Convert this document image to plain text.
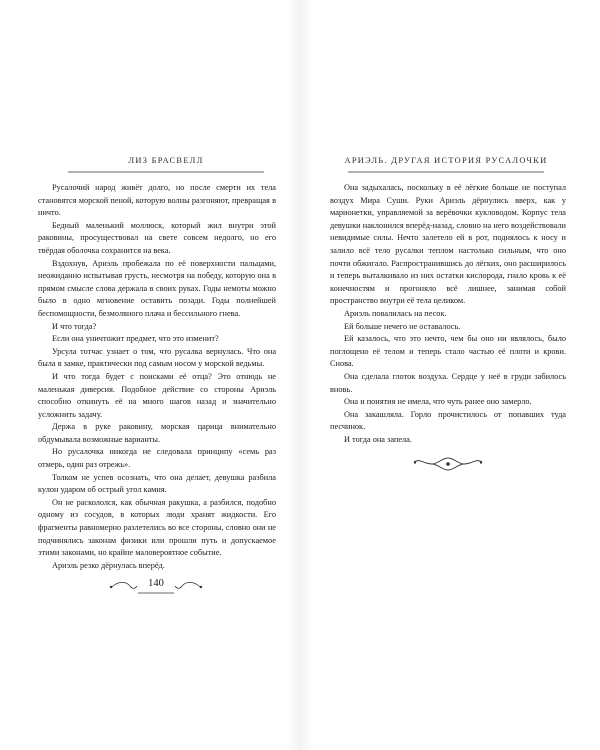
ЛИЗ БРАСВЕЛЛ

Русалочий народ живёт долго, но после смерти их тела становятся морской пеной, которую волны разгоняют, превращая в ничто.

Бедный маленький моллюск, который жил внутри этой раковины, просуществовал на свете совсем недолго, но его твёрдая оболочка сохранится на века.

Вздохнув, Ариэль пробежала по её поверхности пальцами, неожиданно испытывая грусть, несмотря на победу, которую она в прямом смысле слова держала в своих руках. Годы немоты можно было в одно мгновение оставить позади. Годы полнейшей беспомощности, безмолвного плача и бессильного гнева.

И что тогда?

Если она уничтожит предмет, что это изменит?

Урсула тотчас узнает о том, что русалка вернулась. Что она была в замке, практически под самым носом у морской ведьмы.

И что тогда будет с поисками её отца? Это отнюдь не маленькая диверсия. Подобное действие со стороны Ариэль способно откинуть её на много шагов назад и значительно усложнить задачу.

Держа в руке раковину, морская царица внимательно обдумывала возможные варианты.

Но русалочка никогда не следовала принципу «семь раз отмерь, один раз отрежь».

Толком не успев осознать, что она делает, девушка разбила кулон ударом об острый угол камня.

Он не раскололся, как обычная ракушка, а разбился, подобно одному из сосудов, в которых люди хранят жидкости. Его фрагменты равномерно разлетелись во все стороны, словно они не подчинялись законам физики или прошли путь и допускаемое этими законами, но крайне маловероятное событие.

Ариэль резко дёрнулась вперёд.

140
АРИЭЛЬ. ДРУГАЯ ИСТОРИЯ РУСАЛОЧКИ

Она задыхалась, поскольку в её лёгкие больше не поступал воздух Мира Суши. Руки Ариэль дёрнулись вверх, как у марионетки, управляемой за верёвочки кукловодом. Корпус тела девушки наклонился вперёд-назад, словно на него воздействовали невидимые силы. Нечто залетело ей в рот, поднялось к носу и залило всё тело русалки теплом настолько сильным, что оно почти обжигало. Распространившись до лёгких, оно расширилось и теперь выталкивало из них остатки кислорода, гнало кровь к её конечностям и прогоняло всё лишнее, занимая собой пространство внутри её тела целиком.

Ариэль повалилась на песок.

Ей больше нечего не оставалось.

Ей казалось, что это нечто, чем бы оно ни являлось, было поглощено её телом и теперь стало частью её плоти и крови. Снова.

Она сделала глоток воздуха. Сердце у неё в груди забилось вновь.

Она и понятия не имела, что чуть ранее оно замерло.

Она закашляла. Горло прочистилось от попавших туда песчинок.

И тогда она запела.
